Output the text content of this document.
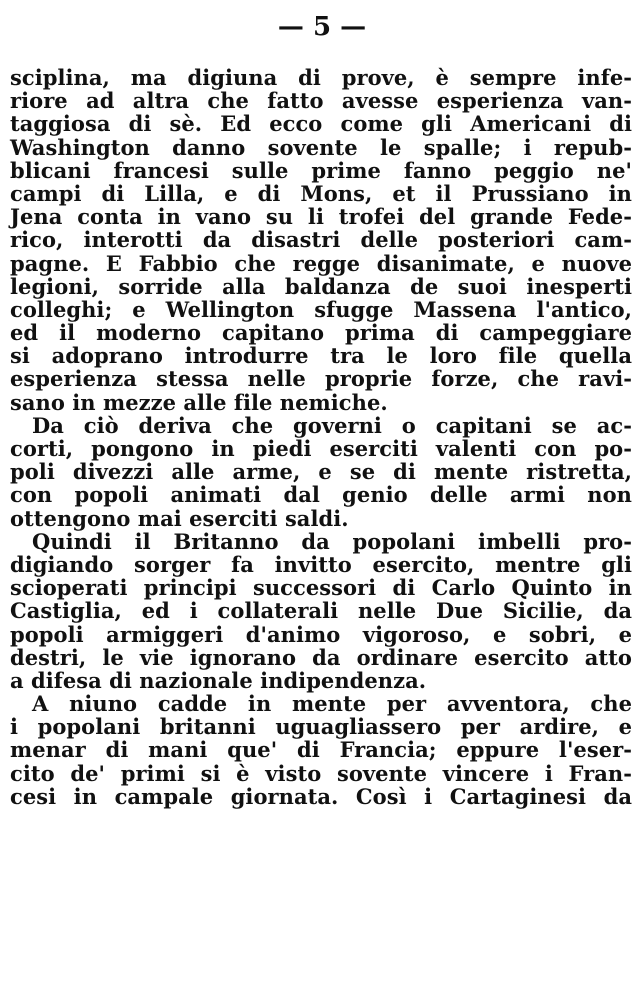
— 5 —
sciplina, ma digiuna di prove, è sempre infe-
riore ad altra che fatto avesse esperienza van-
taggiosa di sè. Ed ecco come gli Americani di
Washington danno sovente le spalle; i repub-
blicani francesi sulle prime fanno peggio ne'
campi di Lilla, e di Mons, et il Prussiano in
Jena conta in vano su li trofei del grande Fede-
rico, interotti da disastri delle posteriori cam-
pagne. E Fabbio che regge disanimate, e nuove
legioni, sorride alla baldanza de suoi inesperti
colleghi; e Wellington sfugge Massena l'antico,
ed il moderno capitano prima di campeggiare
si adoprano introdurre tra le loro file quella
esperienza stessa nelle proprie forze, che ravi-
sano in mezze alle file nemiche.
Da ciò deriva che governi o capitani se ac-
corti, pongono in piedi eserciti valenti con po-
poli divezzi alle arme, e se di mente ristretta,
con popoli animati dal genio delle armi non
ottengono mai eserciti saldi.
Quindi il Britanno da popolani imbelli pro-
digiando sorger fa invitto esercito, mentre gli
scioperati principi successori di Carlo Quinto in
Castiglia, ed i collaterali nelle Due Sicilie, da
popoli armiggeri d'animo vigoroso, e sobri, e
destri, le vie ignorano da ordinare esercito atto
a difesa di nazionale indipendenza.
A niuno cadde in mente per avventora, che
i popolani britanni uguagliassero per ardire, e
menar di mani que' di Francia; eppure l'eser-
cito de' primi si è visto sovente vincere i Fran-
cesi in campale giornata. Così i Cartaginesi da
